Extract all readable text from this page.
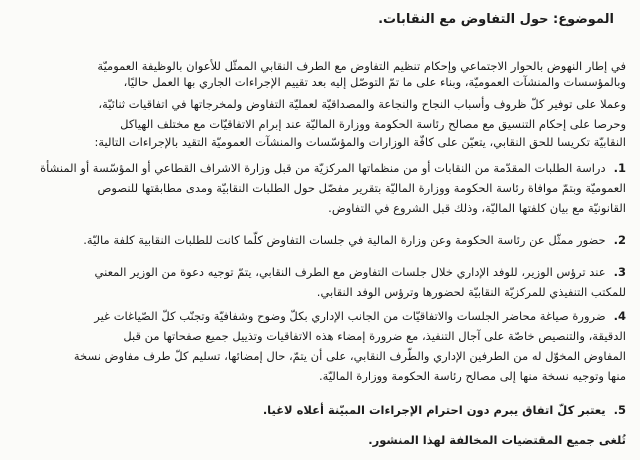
الموضوع: حول التفاوض مع النقابات.
في إطار النهوض بالحوار الاجتماعي وإحكام تنظيم التفاوض مع الطرف النقابي الممثّل للأعوان بالوظيفة العموميّة
وبالمؤسسات والمنشآت العموميّة، وبناء على ما تمّ التوصّل إليه بعد تقييم الإجراءات الجاري بها العمل حاليًا،
وعملا على توفير كلّ ظروف وأسباب النجاح والنجاعة والمصداقيّة لعمليّة التفاوض ولمخرجاتها في اتفاقيات ثنائيّة،
وحرصا على إحكام التنسيق مع مصالح رئاسة الحكومة ووزارة الماليّة عند إبرام الاتفاقيّات مع مختلف الهياكل
النقابيّة تكريسا للحق النقابي، يتعيّن على كافّة الوزارات والمؤسّسات والمنشآت العموميّة التقيد بالإجراءات التالية:
1.دراسة الطلبات المقدّمة من النقابات أو من منظماتها المركزيّة من قبل وزارة الاشراف القطاعي أو المؤسّسة أو المنشأة
العموميّة وبتمّ موافاة رئاسة الحكومة ووزارة الماليّة بتقرير مفصّل حول الطلبات النقابيّة ومدى مطابقتها للنصوص
القانونيّة مع بيان كلفتها الماليّة، وذلك قبل الشروع في التفاوض.
2.حضور ممثّل عن رئاسة الحكومة وعن وزارة المالية في جلسات التفاوض كلّما كانت للطلبات النقابية كلفة ماليّة.
3.عند ترؤس الوزير، للوفد الإداري خلال جلسات التفاوض مع الطرف النقابي، يتمّ توجيه دعوة من الوزير المعني
للمكتب التنفيذي للمركزيّة النقابيّة لحضورها وترؤس الوفد النقابي.
4.ضرورة صياغة محاضر الجلسات والاتفاقيّات من الجانب الإداري بكلّ وضوح وشفافيّة وتجنّب كلّ الصّياغات غير
الدقيقة، والتنصيص خاصّة على آجال التنفيذ، مع ضرورة إمضاء هذه الاتفاقيات وتذييل جميع صفحاتها من قبل
المفاوض المخوّل له من الطرفين الإداري والطّرف النقابي، على أن يتمّ، حال إمضائها، تسليم كلّ طرف مفاوض نسخة
منها وتوجيه نسخة منها إلى مصالح رئاسة الحكومة ووزارة الماليّة.
5.يعتبر كلّ اتفاق يبرم دون احترام الإجراءات المبيّنة أعلاه لاغيا.
تُلغى جميع المقتضيات المخالفة لهذا المنشور.
